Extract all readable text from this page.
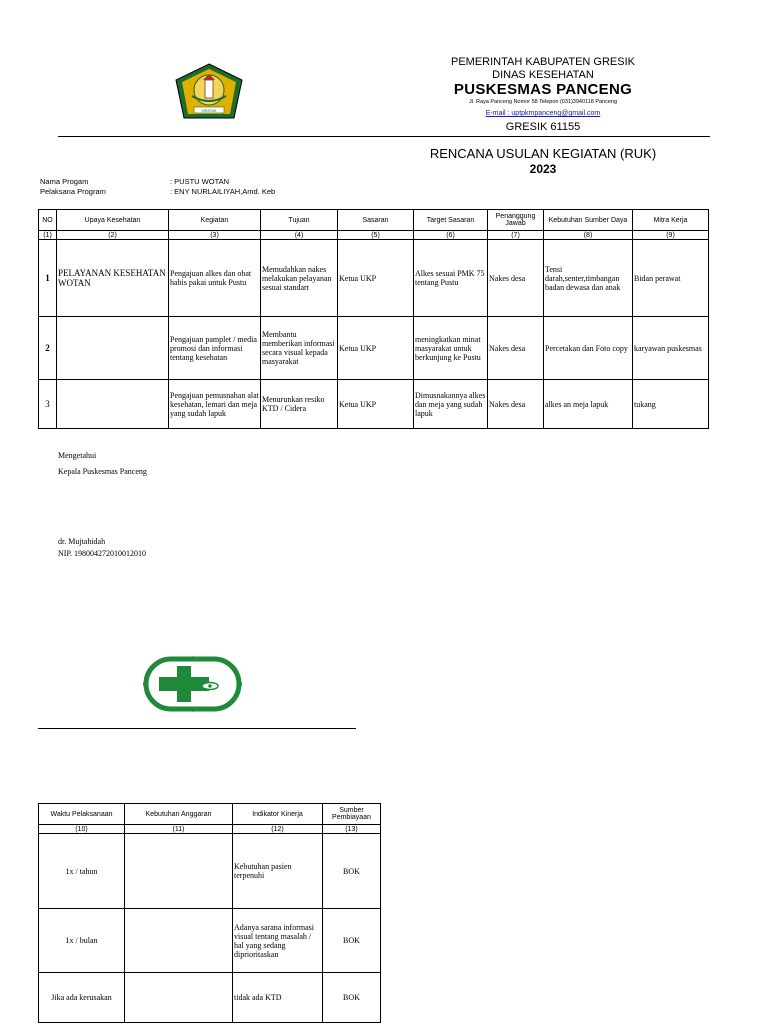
GRESIK
PEMERINTAH KABUPATEN GRESIK
DINAS KESEHATAN
PUSKESMAS PANCENG
Jl. Raya Panceng Nomor 58 Telepon (031)3940118 Panceng
E-mail : uptpkmpanceng@gmail.com
GRESIK 61155
RENCANA USULAN KEGIATAN (RUK)
2023
Nama Progam	: PUSTU WOTAN
Pelaksana Program	: ENY NURLAILIYAH,Amd. Keb
NO	Upaya Kesehatan	Kegiatan	Tujuan	Sasaran	Target Sasaran	Penanggung Jawab	Kebutuhan Sumber Daya	Mitra Kerja
(1)	(2)	(3)	(4)	(5)	(6)	(7)	(8)	(9)
1	PELAYANAN KESEHATAN WOTAN	Pengajuan alkes dan obat habis pakai untuk Pustu	Memudahkan nakes melakukan pelayanan sesuai standart	Ketua UKP	Alkes sesuai PMK 75 tentang Pustu	Nakes desa	Tensi darah,senter,timbangan badan dewasa dan anak	Bidan perawat
2		Pengajuan pamplet / media promosi dan informasi tentang kesehatan	Membantu memberikan informasi secara visual kepada masyarakat	Ketua UKP	meningkatkan minat masyarakat untuk berkunjung ke Pustu	Nakes desa	Percetakan dan Foto copy	karyawan puskesmas
3		Pengajuan pemusnahan alat kesehatan, lemari dan meja yang sudah lapuk	Menurunkan resiko KTD / Cidera	Ketua UKP	Dimusnakannya alkes dan meja yang sudah lapuk	Nakes desa	alkes an meja lapuk	tukang
Mengetahui
Kepala Puskesmas Panceng
dr. Mujtahidah
NIP. 198004272010012010
Waktu Pelaksanaan	Kebutuhan Anggaran	Indikator Kinerja	Sumber Pembiayaan
(10)	(11)	(12)	(13)
1x / tahun		Kebutuhan pasien terpenuhi	BOK
1x / bulan		Adanya sarana informasi visual tentang masalah / hal yang sedang diprioritaskan	BOK
Jika ada kerusakan		tidak ada KTD	BOK
